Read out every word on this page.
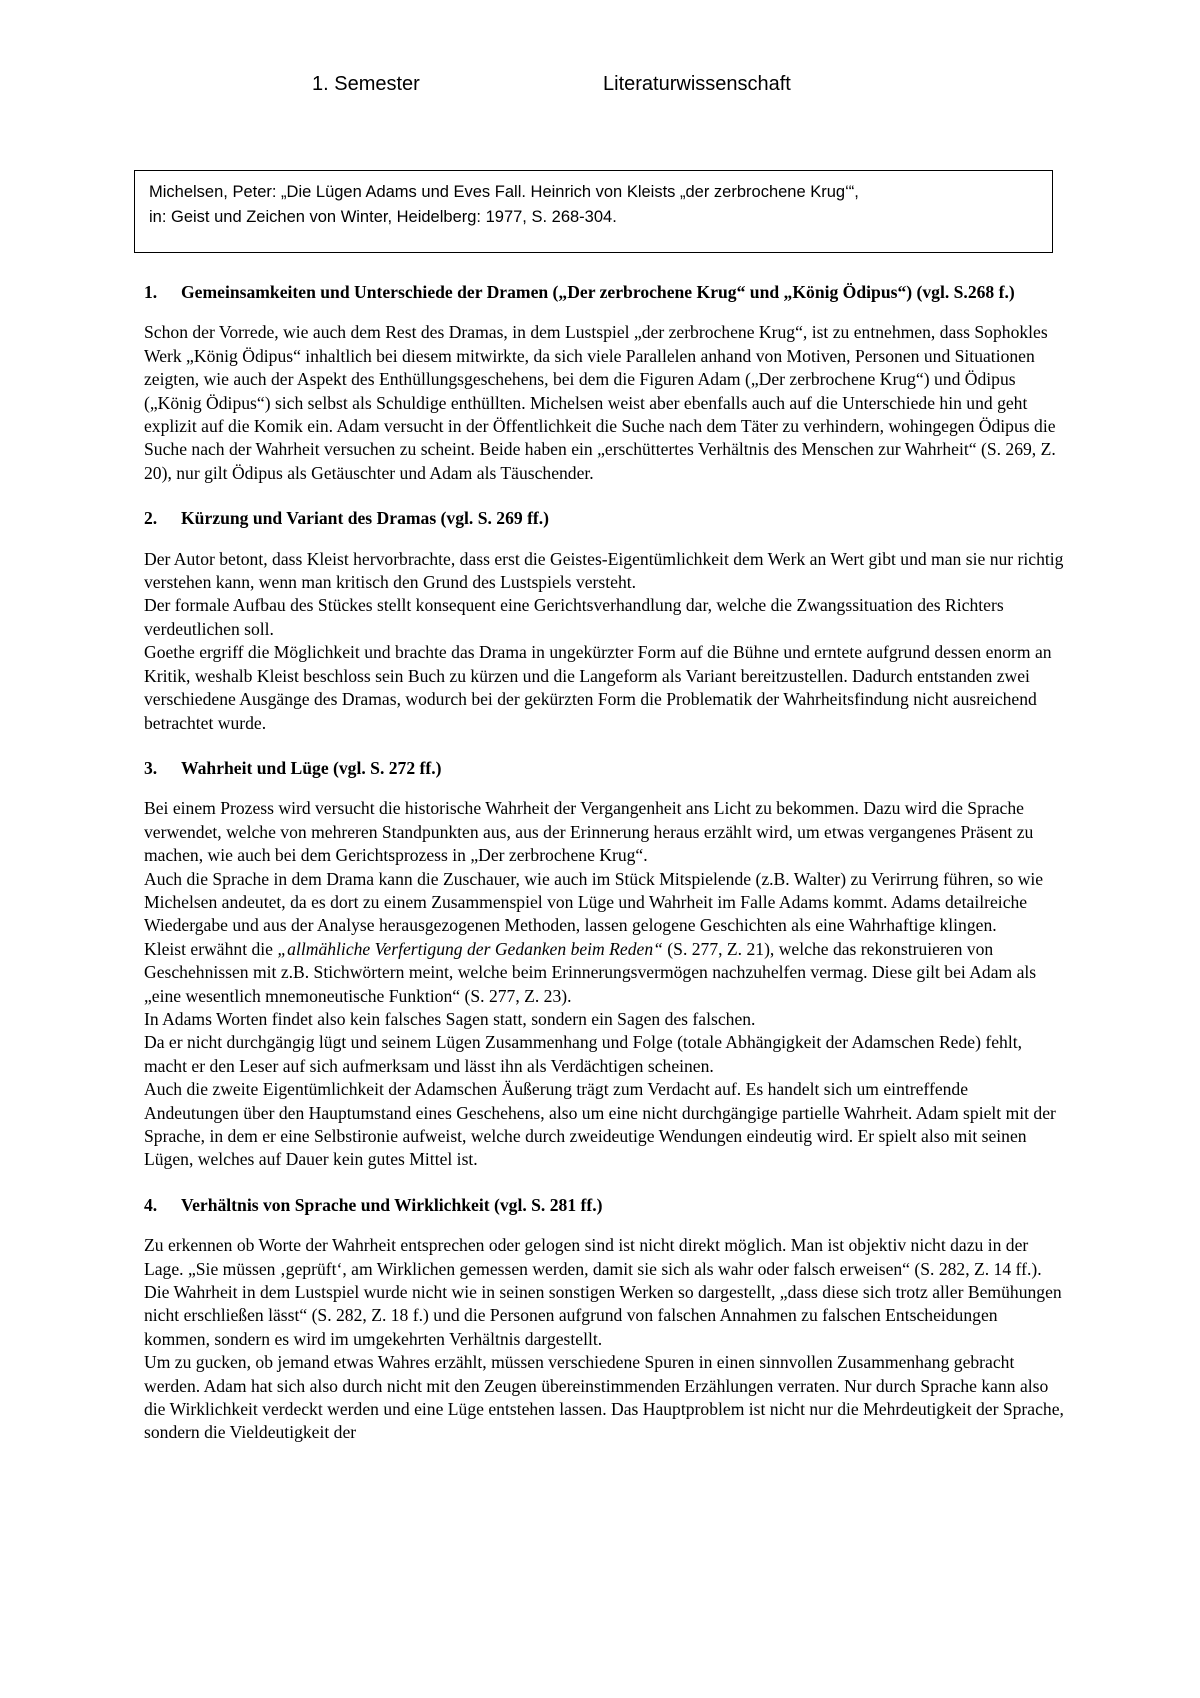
1. Semester	Literaturwissenschaft
Michelsen, Peter: „Die Lügen Adams und Eves Fall. Heinrich von Kleists „der zerbrochene Krug‘“,
in: Geist und Zeichen von Winter, Heidelberg: 1977, S. 268-304.
1.	Gemeinsamkeiten und Unterschiede der Dramen („Der zerbrochene Krug“ und „König Ödipus“) (vgl. S.268 f.)

Schon der Vorrede, wie auch dem Rest des Dramas, in dem Lustspiel „der zerbrochene Krug“, ist zu entnehmen, dass Sophokles Werk „König Ödipus“ inhaltlich bei diesem mitwirkte, da sich viele Parallelen anhand von Motiven, Personen und Situationen zeigten, wie auch der Aspekt des Enthüllungsgeschehens, bei dem die Figuren Adam („Der zerbrochene Krug“) und Ödipus („König Ödipus“) sich selbst als Schuldige enthüllten. Michelsen weist aber ebenfalls auch auf die Unterschiede hin und geht explizit auf die Komik ein. Adam versucht in der Öffentlichkeit die Suche nach dem Täter zu verhindern, wohingegen Ödipus die Suche nach der Wahrheit versuchen zu scheint. Beide haben ein „erschüttertes Verhältnis des Menschen zur Wahrheit“ (S. 269, Z. 20), nur gilt Ödipus als Getäuschter und Adam als Täuschender.

2.	Kürzung und Variant des Dramas (vgl. S. 269 ff.)

Der Autor betont, dass Kleist hervorbrachte, dass erst die Geistes-Eigentümlichkeit dem Werk an Wert gibt und man sie nur richtig verstehen kann, wenn man kritisch den Grund des Lustspiels versteht.

Der formale Aufbau des Stückes stellt konsequent eine Gerichtsverhandlung dar, welche die Zwangssituation des Richters verdeutlichen soll.

Goethe ergriff die Möglichkeit und brachte das Drama in ungekürzter Form auf die Bühne und erntete aufgrund dessen enorm an Kritik, weshalb Kleist beschloss sein Buch zu kürzen und die Langeform als Variant bereitzustellen. Dadurch entstanden zwei verschiedene Ausgänge des Dramas, wodurch bei der gekürzten Form die Problematik der Wahrheitsfindung nicht ausreichend betrachtet wurde.

3.	Wahrheit und Lüge (vgl. S. 272 ff.)

Bei einem Prozess wird versucht die historische Wahrheit der Vergangenheit ans Licht zu bekommen. Dazu wird die Sprache verwendet, welche von mehreren Standpunkten aus, aus der Erinnerung heraus erzählt wird, um etwas vergangenes Präsent zu machen, wie auch bei dem Gerichtsprozess in „Der zerbrochene Krug“.

Auch die Sprache in dem Drama kann die Zuschauer, wie auch im Stück Mitspielende (z.B. Walter) zu Verirrung führen, so wie Michelsen andeutet, da es dort zu einem Zusammenspiel von Lüge und Wahrheit im Falle Adams kommt. Adams detailreiche Wiedergabe und aus der Analyse herausgezogenen Methoden, lassen gelogene Geschichten als eine Wahrhaftige klingen.

Kleist erwähnt die „allmähliche Verfertigung der Gedanken beim Reden“ (S. 277, Z. 21), welche das rekonstruieren von Geschehnissen mit z.B. Stichwörtern meint, welche beim Erinnerungsvermögen nachzuhelfen vermag. Diese gilt bei Adam als „eine wesentlich mnemoneutische Funktion“ (S. 277, Z. 23).

In Adams Worten findet also kein falsches Sagen statt, sondern ein Sagen des falschen.

Da er nicht durchgängig lügt und seinem Lügen Zusammenhang und Folge (totale Abhängigkeit der Adamschen Rede) fehlt, macht er den Leser auf sich aufmerksam und lässt ihn als Verdächtigen scheinen.

Auch die zweite Eigentümlichkeit der Adamschen Äußerung trägt zum Verdacht auf. Es handelt sich um eintreffende Andeutungen über den Hauptumstand eines Geschehens, also um eine nicht durchgängige partielle Wahrheit. Adam spielt mit der Sprache, in dem er eine Selbstironie aufweist, welche durch zweideutige Wendungen eindeutig wird. Er spielt also mit seinen Lügen, welches auf Dauer kein gutes Mittel ist.

4.	Verhältnis von Sprache und Wirklichkeit (vgl. S. 281 ff.)

Zu erkennen ob Worte der Wahrheit entsprechen oder gelogen sind ist nicht direkt möglich. Man ist objektiv nicht dazu in der Lage. „Sie müssen ‚geprüft‘, am Wirklichen gemessen werden, damit sie sich als wahr oder falsch erweisen“ (S. 282, Z. 14 ff.).

Die Wahrheit in dem Lustspiel wurde nicht wie in seinen sonstigen Werken so dargestellt, „dass diese sich trotz aller Bemühungen nicht erschließen lässt“ (S. 282, Z. 18 f.) und die Personen aufgrund von falschen Annahmen zu falschen Entscheidungen kommen, sondern es wird im umgekehrten Verhältnis dargestellt.

Um zu gucken, ob jemand etwas Wahres erzählt, müssen verschiedene Spuren in einen sinnvollen Zusammenhang gebracht werden. Adam hat sich also durch nicht mit den Zeugen übereinstimmenden Erzählungen verraten. Nur durch Sprache kann also die Wirklichkeit verdeckt werden und eine Lüge entstehen lassen. Das Hauptproblem ist nicht nur die Mehrdeutigkeit der Sprache, sondern die Vieldeutigkeit der
